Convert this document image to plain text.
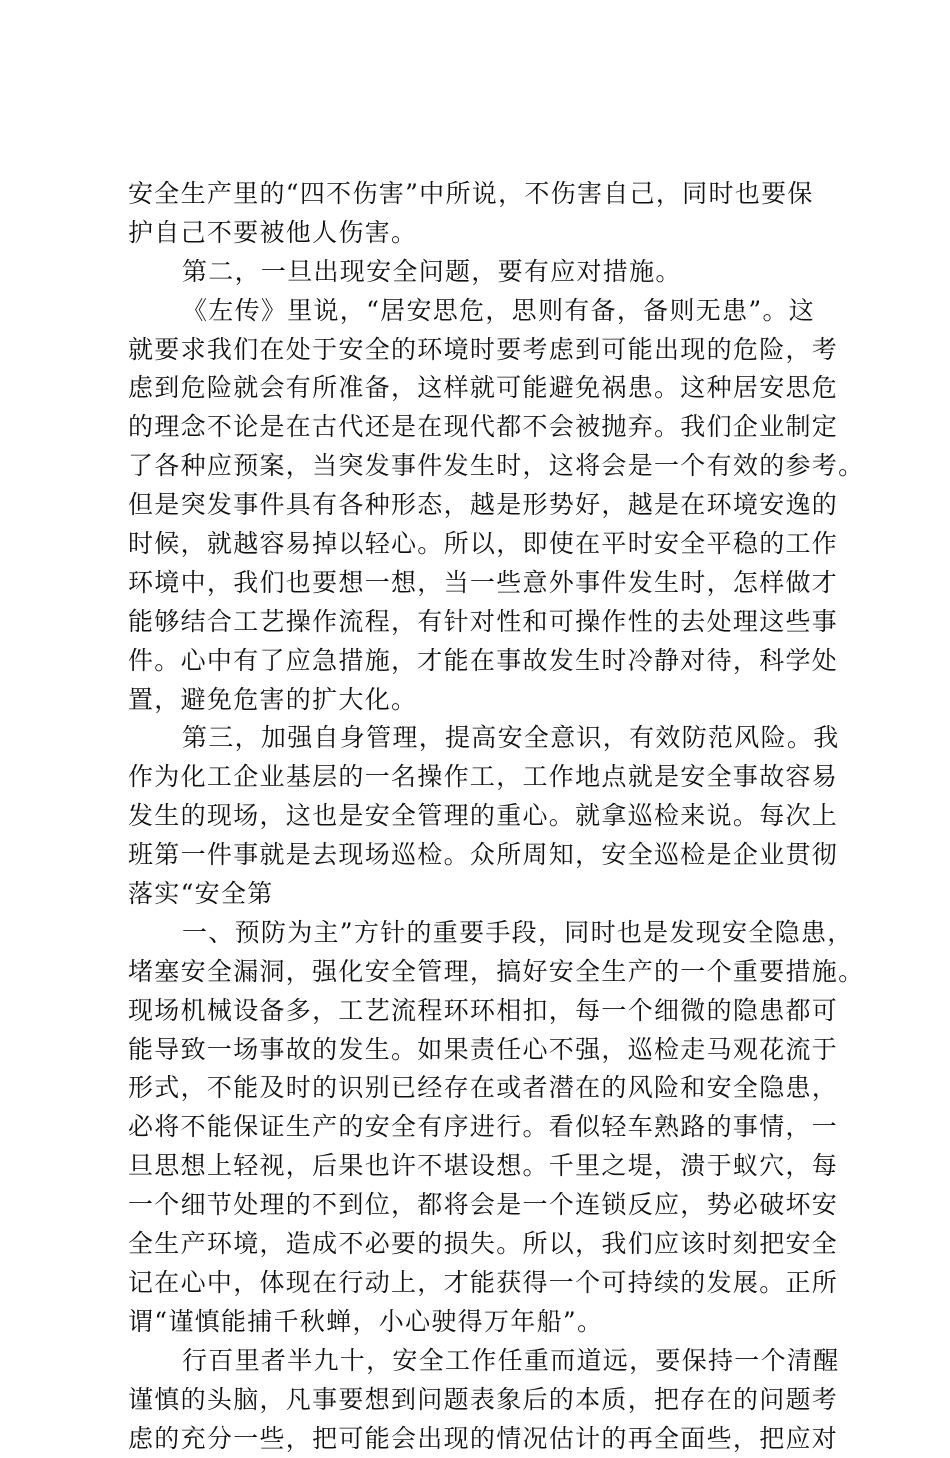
安全生产里的“四不伤害”中所说，不伤害自己，同时也要保
护自己不要被他人伤害。
第二，一旦出现安全问题，要有应对措施。
《左传》里说，“居安思危，思则有备，备则无患”。这
就要求我们在处于安全的环境时要考虑到可能出现的危险，考
虑到危险就会有所准备，这样就可能避免祸患。这种居安思危
的理念不论是在古代还是在现代都不会被抛弃。我们企业制定
了各种应预案，当突发事件发生时，这将会是一个有效的参考。
但是突发事件具有各种形态，越是形势好，越是在环境安逸的
时候，就越容易掉以轻心。所以，即使在平时安全平稳的工作
环境中，我们也要想一想，当一些意外事件发生时，怎样做才
能够结合工艺操作流程，有针对性和可操作性的去处理这些事
件。心中有了应急措施，才能在事故发生时冷静对待，科学处
置，避免危害的扩大化。
第三，加强自身管理，提高安全意识，有效防范风险。我
作为化工企业基层的一名操作工，工作地点就是安全事故容易
发生的现场，这也是安全管理的重心。就拿巡检来说。每次上
班第一件事就是去现场巡检。众所周知，安全巡检是企业贯彻
落实“安全第
一、预防为主”方针的重要手段，同时也是发现安全隐患，
堵塞安全漏洞，强化安全管理，搞好安全生产的一个重要措施。
现场机械设备多，工艺流程环环相扣，每一个细微的隐患都可
能导致一场事故的发生。如果责任心不强，巡检走马观花流于
形式，不能及时的识别已经存在或者潜在的风险和安全隐患，
必将不能保证生产的安全有序进行。看似轻车熟路的事情，一
旦思想上轻视，后果也许不堪设想。千里之堤，溃于蚁穴，每
一个细节处理的不到位，都将会是一个连锁反应，势必破坏安
全生产环境，造成不必要的损失。所以，我们应该时刻把安全
记在心中，体现在行动上，才能获得一个可持续的发展。正所
谓“谨慎能捕千秋蝉，小心驶得万年船”。
行百里者半九十，安全工作任重而道远，要保持一个清醒
谨慎的头脑，凡事要想到问题表象后的本质，把存在的问题考
虑的充分一些，把可能会出现的情况估计的再全面些，把应对
